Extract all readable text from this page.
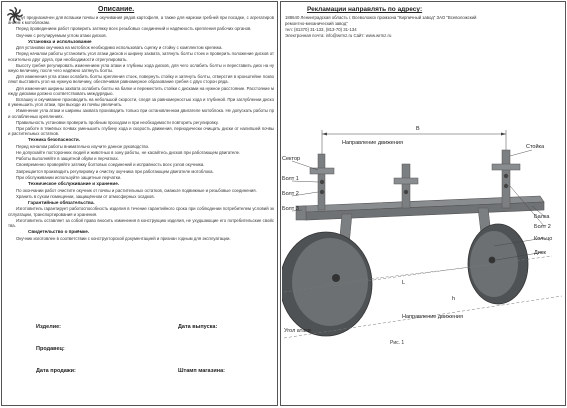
Описание.
Плуг предназначен для вспашки почвы и окучивания рядов картофеля, а также для нарезки гребней при посадке, с агрегатированием к мотоблокам.
Перед проведением работ проверить затяжку всех резьбовых соединений и надёжность крепления рабочих органов.
Окучник с регулируемым углом атаки дисков.
Установка и использование
Для установки окучника на мотоблок необходимо использовать сцепку и стойку с комплектом крепежа.
Перед началом работы установить угол атаки дисков и ширину захвата, затянуть болты стоек и проверить положение дисков относительно друг друга, при необходимости отрегулировать.
Высоту гребня регулировать изменением угла атаки и глубины хода дисков, для чего ослабить болты и переставить диск на нужную величину, после чего надёжно затянуть болты.
Для изменения угла атаки ослабить болты крепления стоек, повернуть стойку и затянуть болты, отверстия в кронштейне позволяют выставить угол на нужную величину, обеспечивая равномерное образование гребня с двух сторон ряда.
Для изменения ширины захвата ослабить болты на балке и переместить стойки с дисками на нужное расстояние. Расстояние между дисками должно соответствовать междурядью.
Вспашку и окучивание производить на небольшой скорости, следя за равномерностью хода и глубиной. При заглублении дисков уменьшить угол атаки, при выходе из почвы увеличить.
Изменение угла атаки и ширины захвата производить только при остановленном двигателе мотоблока. Не допускать работы при ослабленных креплениях.
Правильность установки проверить пробным проходом и при необходимости повторить регулировку.
При работе в тяжёлых почвах уменьшить глубину хода и скорость движения, периодически очищать диски от налипшей почвы и растительных остатков.
Техника безопасности.
Перед началом работы внимательно изучите данное руководство.
Не допускайте посторонних людей и животных в зону работы, не касайтесь дисков при работающем двигателе.
Работы выполняйте в защитной обуви и перчатках.
Своевременно проверяйте затяжку болтовых соединений и исправность всех узлов окучника.
Запрещается производить регулировку и очистку окучника при работающем двигателе мотоблока.
При обслуживании используйте защитные перчатки.
Техническое обслуживание и хранение.
По окончании работ очистите окучник от почвы и растительных остатков, смажьте подвижные и резьбовые соединения.
Хранить в сухом помещении, защищённом от атмосферных осадков.
Гарантийные обязательства.
Изготовитель гарантирует работоспособность изделия в течение гарантийного срока при соблюдении потребителем условий эксплуатации, транспортирования и хранения.
Изготовитель оставляет за собой право вносить изменения в конструкцию изделия, не ухудшающие его потребительские свойства.
Свидетельство о приёмке.
Окучник изготовлен в соответствии с конструкторской документацией и признан годным для эксплуатации.
Изделие:	Дата выпуска:
Продавец:
Дата продажи:	Штамп магазина:
Рекламации направлять по адресу:
188640 Ленинградская область г. Всеволожск промзона "Кирпичный завод" ЗАО "Всеволожский
ремонтно-механический завод"
тел: (81370) 31-133, (813-70) 31-134
Электронная почта: info@wrmz.ru Сайт: www.wrmz.ru
В
Сектор
Болт 1
Болт 2
Болт 3
Стойка
Балка
Болт 2
Кольцо
Диск
L
h
Угол атаки
Направление движения
Направление движения
Рис. 1
